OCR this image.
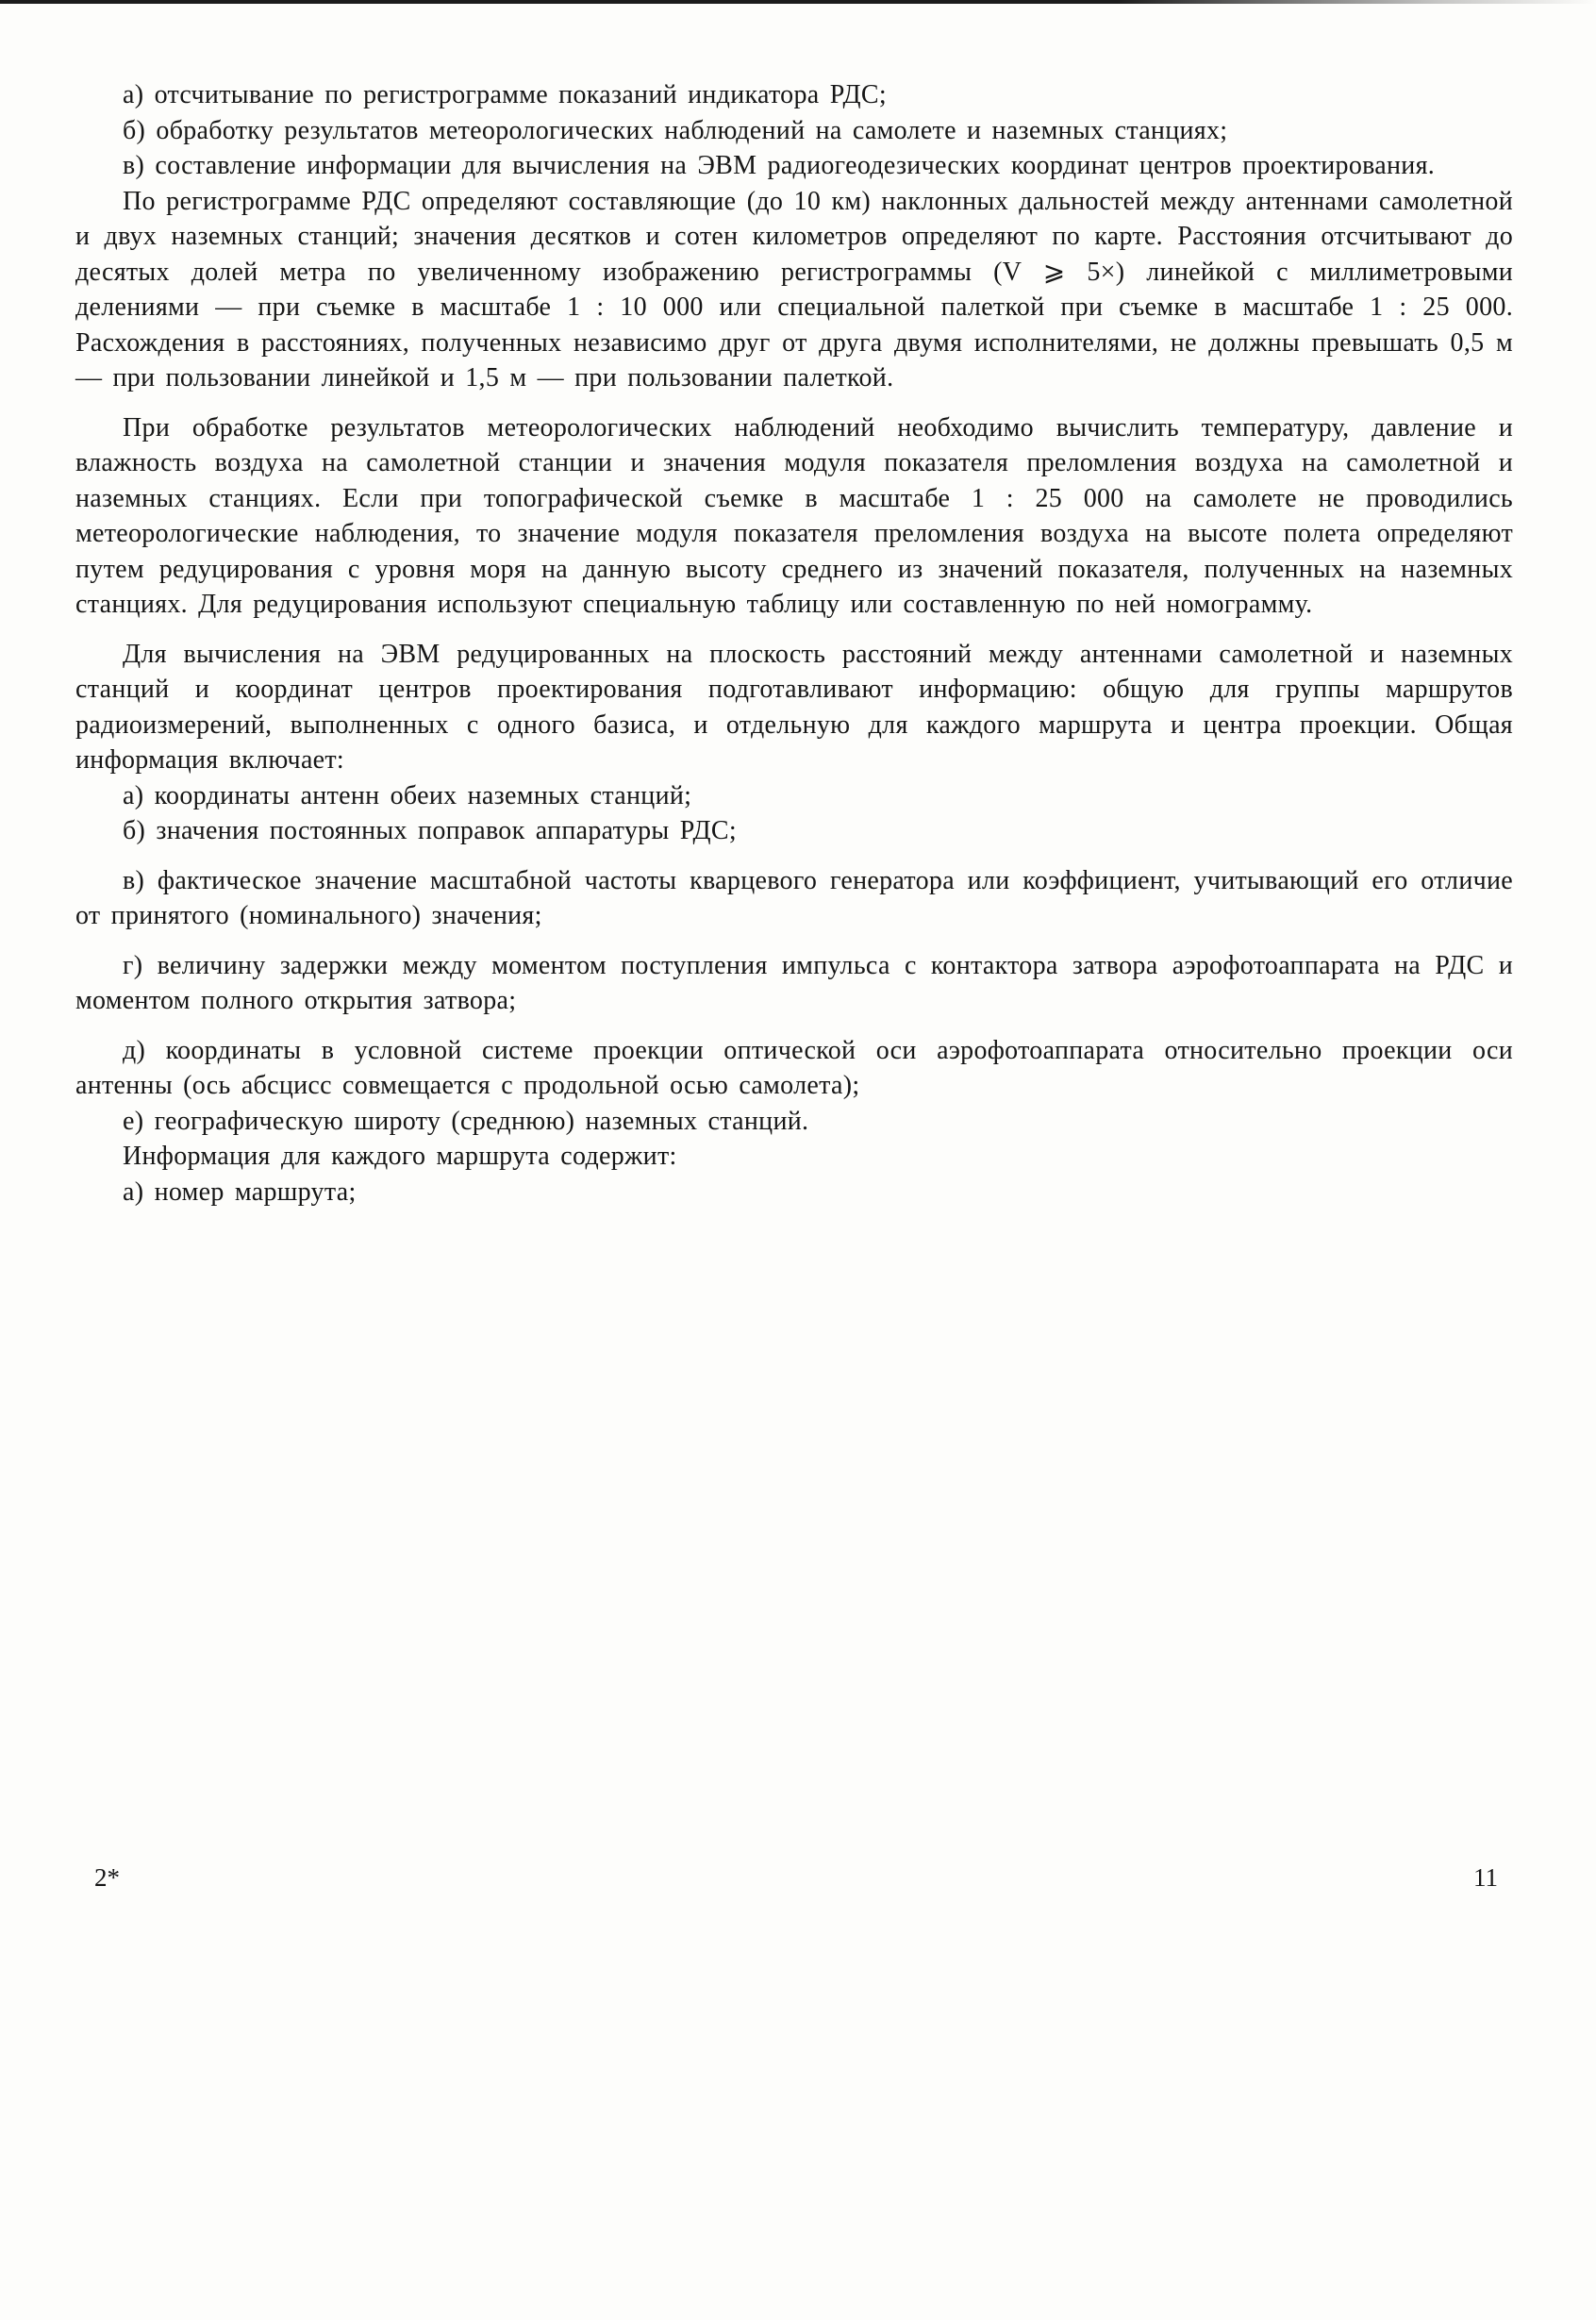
а) отсчитывание по регистрограмме показаний индикатора РДС;

б) обработку результатов метеорологических наблюдений на самолете и наземных станциях;

в) составление информации для вычисления на ЭВМ радиогеодезических координат центров проектирования.

По регистрограмме РДС определяют составляющие (до 10 км) наклонных дальностей между антеннами самолетной и двух наземных станций; значения десятков и сотен километров определяют по карте. Расстояния отсчитывают до десятых долей метра по увеличенному изображению регистрограммы (V ⩾ 5×) линейкой с миллиметровыми делениями — при съемке в масштабе 1 : 10 000 или специальной палеткой при съемке в масштабе 1 : 25 000. Расхождения в расстояниях, полученных независимо друг от друга двумя исполнителями, не должны превышать 0,5 м — при пользовании линейкой и 1,5 м — при пользовании палеткой.

При обработке результатов метеорологических наблюдений необходимо вычислить температуру, давление и влажность воздуха на самолетной станции и значения модуля показателя преломления воздуха на самолетной и наземных станциях. Если при топографической съемке в масштабе 1 : 25 000 на самолете не проводились метеорологические наблюдения, то значение модуля показателя преломления воздуха на высоте полета определяют путем редуцирования с уровня моря на данную высоту среднего из значений показателя, полученных на наземных станциях. Для редуцирования используют специальную таблицу или составленную по ней номограмму.

Для вычисления на ЭВМ редуцированных на плоскость расстояний между антеннами самолетной и наземных станций и координат центров проектирования подготавливают информацию: общую для группы маршрутов радиоизмерений, выполненных с одного базиса, и отдельную для каждого маршрута и центра проекции. Общая информация включает:

а) координаты антенн обеих наземных станций;

б) значения постоянных поправок аппаратуры РДС;

в) фактическое значение масштабной частоты кварцевого генератора или коэффициент, учитывающий его отличие от принятого (номинального) значения;

г) величину задержки между моментом поступления импульса с контактора затвора аэрофотоаппарата на РДС и моментом полного открытия затвора;

д) координаты в условной системе проекции оптической оси аэрофотоаппарата относительно проекции оси антенны (ось абсцисс совмещается с продольной осью самолета);

е) географическую широту (среднюю) наземных станций.

Информация для каждого маршрута содержит:

а) номер маршрута;

2*	11
